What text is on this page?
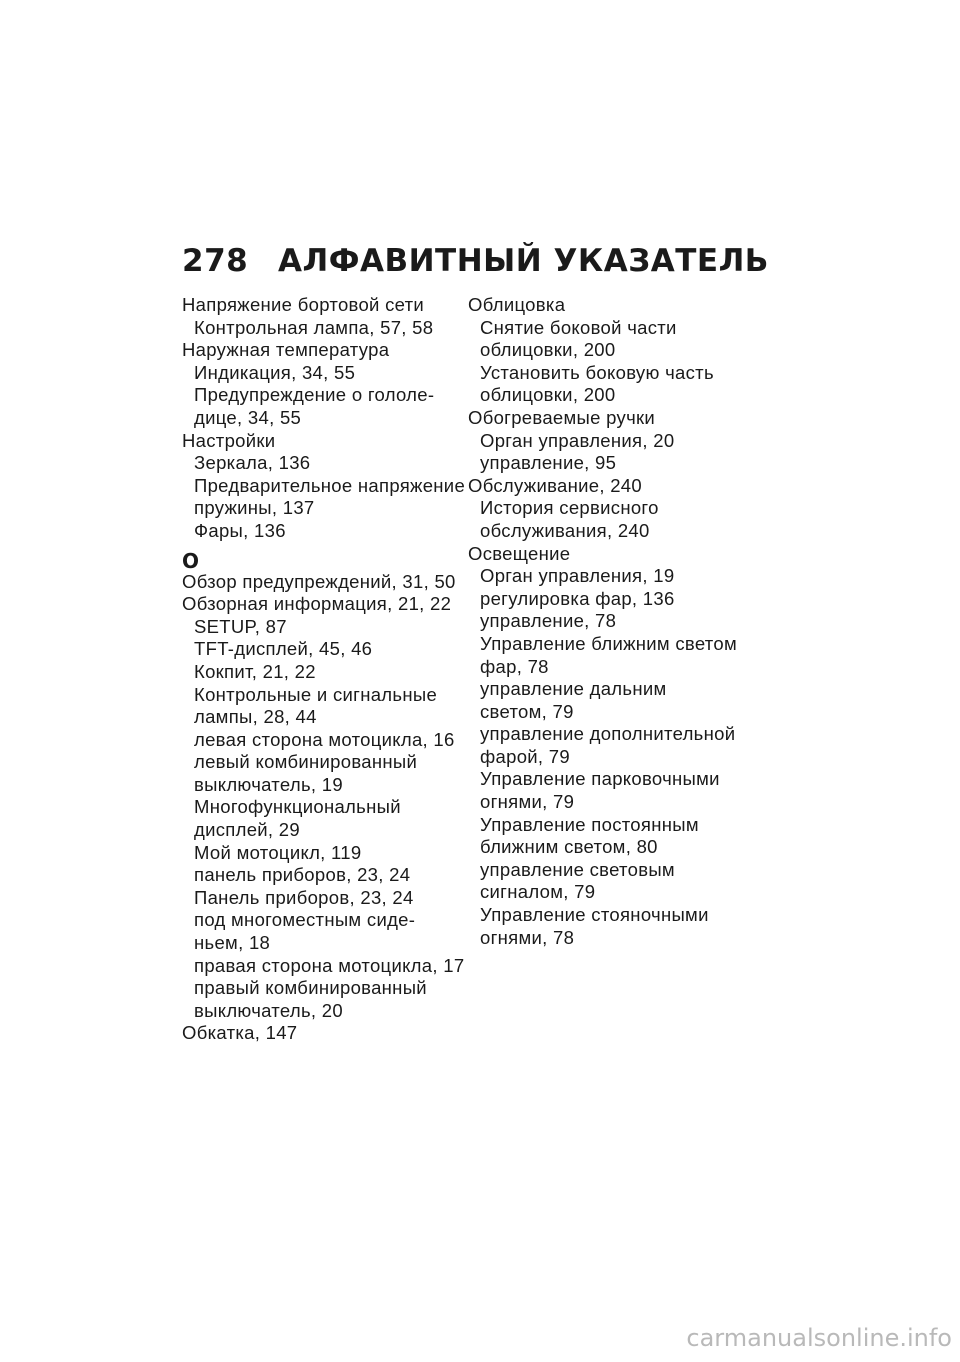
278 АЛФАВИТНЫЙ УКАЗАТЕЛЬ
Напряжение бортовой сети
Контрольная лампа, 57, 58
Наружная температура
Индикация, 34, 55
Предупреждение о гололе-
дице, 34, 55
Настройки
Зеркала, 136
Предварительное напряжение
пружины, 137
Фары, 136
О
Обзор предупреждений, 31, 50
Обзорная информация, 21, 22
SETUP, 87
TFT-дисплей, 45, 46
Кокпит, 21, 22
Контрольные и сигнальные
лампы, 28, 44
левая сторона мотоцикла, 16
левый комбинированный
выключатель, 19
Многофункциональный
дисплей, 29
Мой мотоцикл, 119
панель приборов, 23, 24
Панель приборов, 23, 24
под многоместным сиде-
ньем, 18
правая сторона мотоцикла, 17
правый комбинированный
выключатель, 20
Обкатка, 147
Облицовка
Снятие боковой части
облицовки, 200
Установить боковую часть
облицовки, 200
Обогреваемые ручки
Орган управления, 20
управление, 95
Обслуживание, 240
История сервисного
обслуживания, 240
Освещение
Орган управления, 19
регулировка фар, 136
управление, 78
Управление ближним светом
фар, 78
управление дальним
светом, 79
управление дополнительной
фарой, 79
Управление парковочными
огнями, 79
Управление постоянным
ближним светом, 80
управление световым
сигналом, 79
Управление стояночными
огнями, 78
carmanualsonline.info
